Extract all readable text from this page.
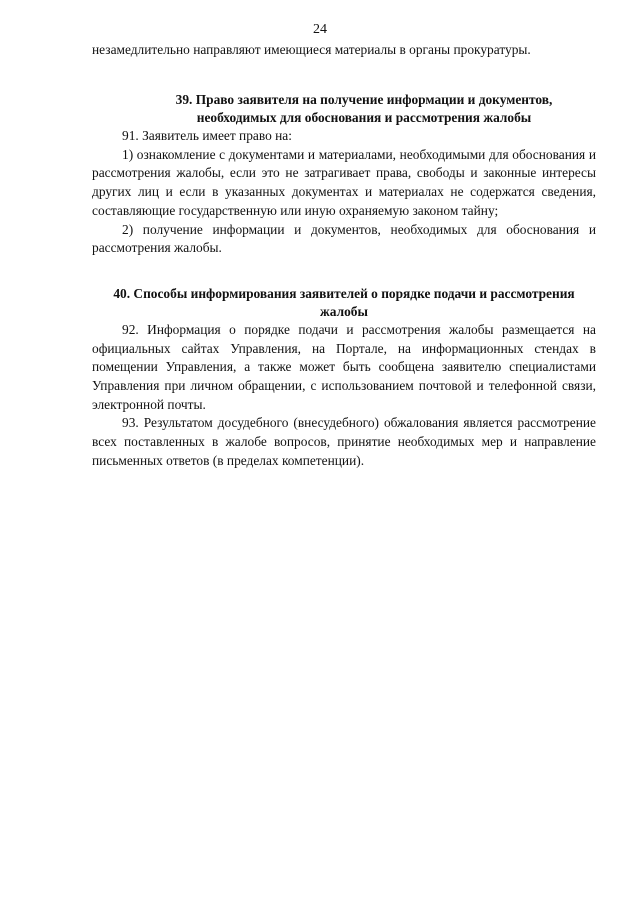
24

незамедлительно направляют имеющиеся материалы в органы прокуратуры.

39. Право заявителя на получение информации и документов,
необходимых для обоснования и рассмотрения жалобы

91. Заявитель имеет право на:

1) ознакомление с документами и материалами, необходимыми для обоснования и рассмотрения жалобы, если это не затрагивает права, свободы и законные интересы других лиц и если в указанных документах и материалах не содержатся сведения, составляющие государственную или иную охраняемую законом тайну;

2) получение информации и документов, необходимых для обоснования и рассмотрения жалобы.

40. Способы информирования заявителей о порядке подачи и рассмотрения
жалобы

92. Информация о порядке подачи и рассмотрения жалобы размещается на официальных сайтах Управления, на Портале, на информационных стендах в помещении Управления, а также может быть сообщена заявителю специалистами Управления при личном обращении, с использованием почтовой и телефонной связи, электронной почты.

93. Результатом досудебного (внесудебного) обжалования является рассмотрение всех поставленных в жалобе вопросов, принятие необходимых мер и направление письменных ответов (в пределах компетенции).
